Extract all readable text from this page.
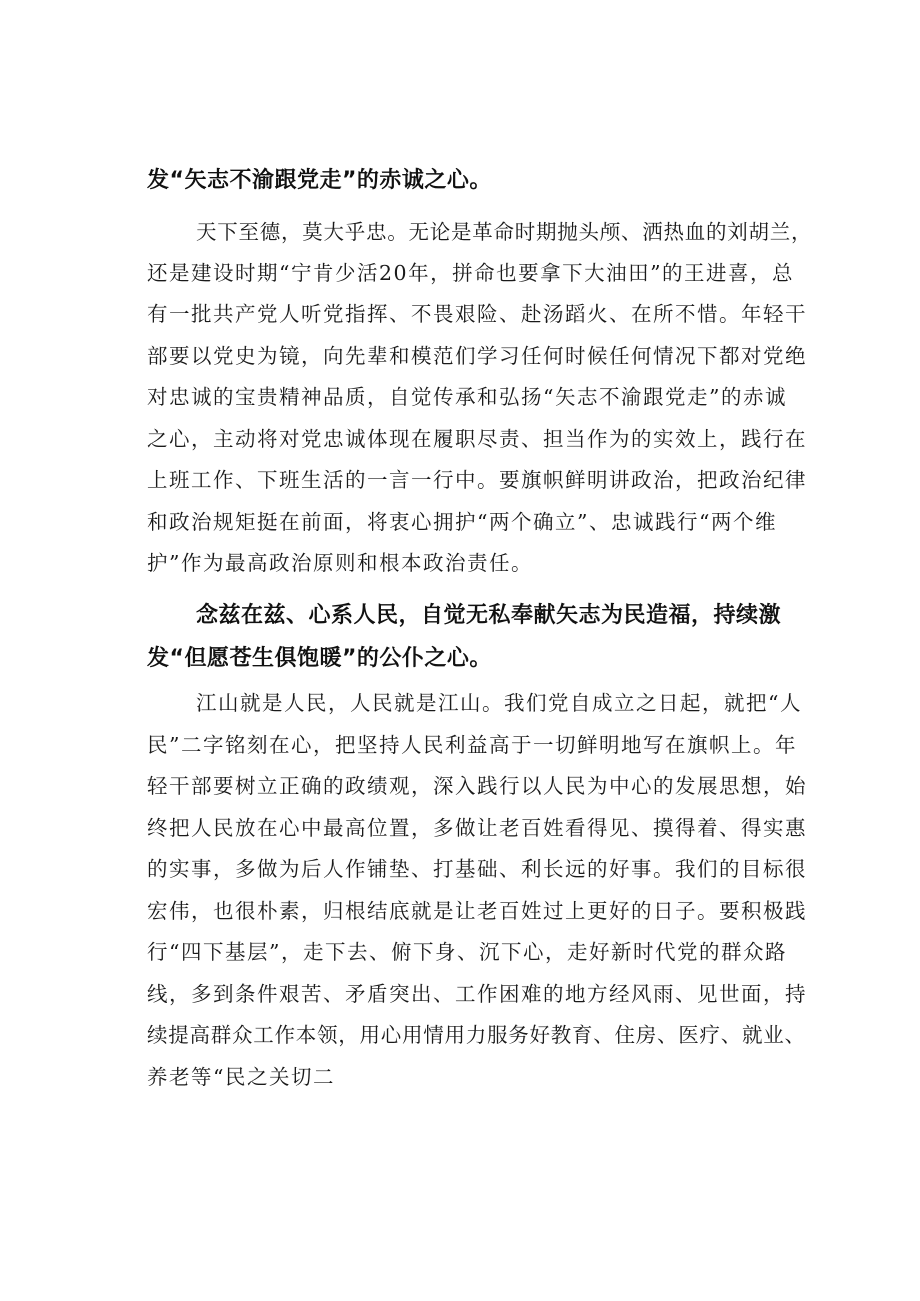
发“矢志不渝跟党走”的赤诚之心。
天下至德，莫大乎忠。无论是革命时期抛头颅、洒热血的刘胡兰，
还是建设时期“宁肯少活20年，拼命也要拿下大油田”的王进喜，总
有一批共产党人听党指挥、不畏艰险、赴汤蹈火、在所不惜。年轻干
部要以党史为镜，向先辈和模范们学习任何时候任何情况下都对党绝
对忠诚的宝贵精神品质，自觉传承和弘扬“矢志不渝跟党走”的赤诚
之心，主动将对党忠诚体现在履职尽责、担当作为的实效上，践行在
上班工作、下班生活的一言一行中。要旗帜鲜明讲政治，把政治纪律
和政治规矩挺在前面，将衷心拥护“两个确立”、忠诚践行“两个维
护”作为最高政治原则和根本政治责任。
念兹在兹、心系人民，自觉无私奉献矢志为民造福，持续激
发“但愿苍生俱饱暖”的公仆之心。
江山就是人民，人民就是江山。我们党自成立之日起，就把“人
民”二字铭刻在心，把坚持人民利益高于一切鲜明地写在旗帜上。年
轻干部要树立正确的政绩观，深入践行以人民为中心的发展思想，始
终把人民放在心中最高位置，多做让老百姓看得见、摸得着、得实惠
的实事，多做为后人作铺垫、打基础、利长远的好事。我们的目标很
宏伟，也很朴素，归根结底就是让老百姓过上更好的日子。要积极践
行“四下基层”，走下去、俯下身、沉下心，走好新时代党的群众路
线，多到条件艰苦、矛盾突出、工作困难的地方经风雨、见世面，持
续提高群众工作本领，用心用情用力服务好教育、住房、医疗、就业、
养老等“民之关切二
